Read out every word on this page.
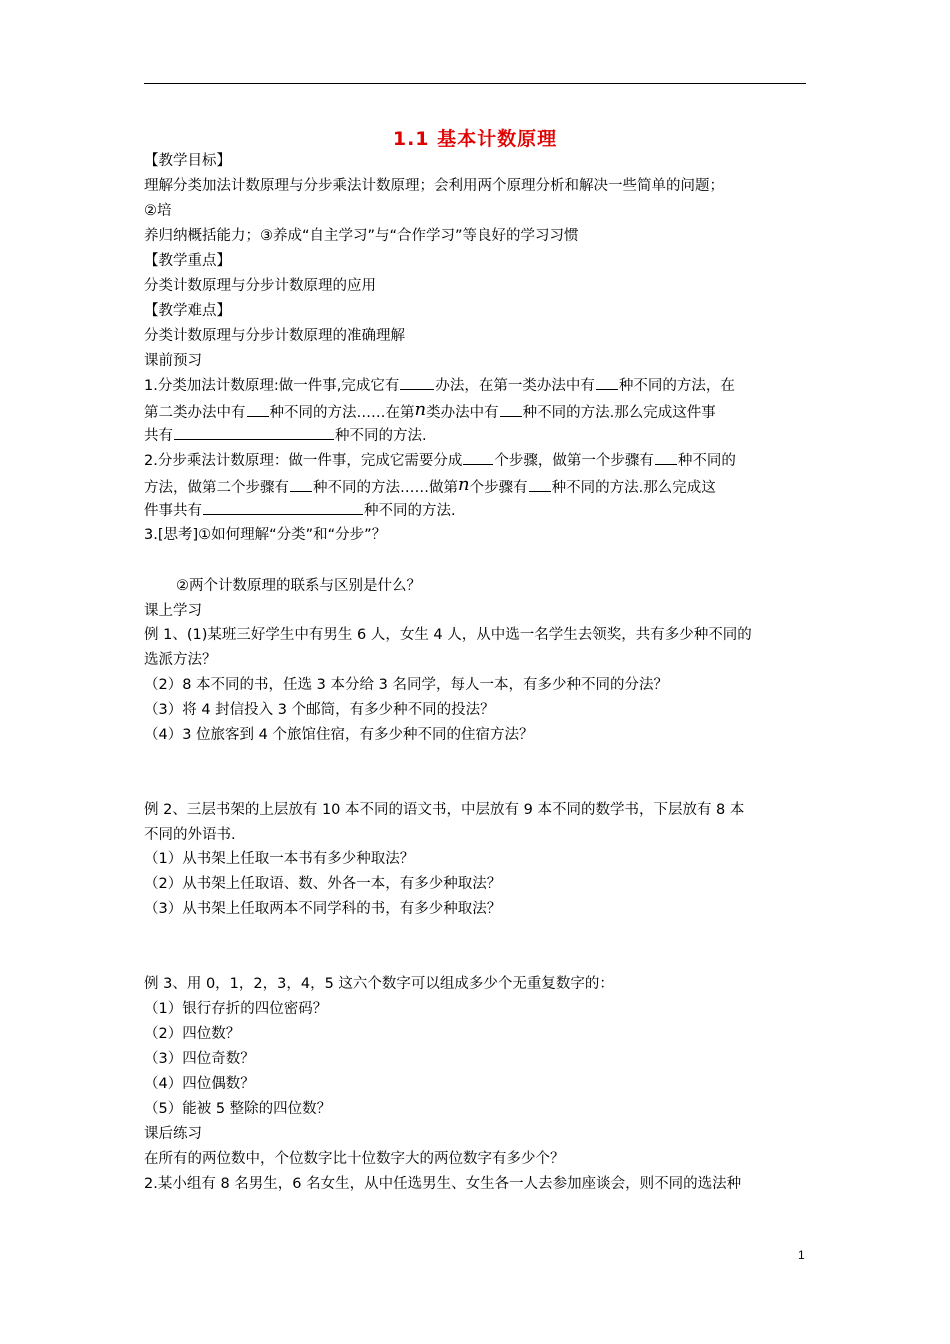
1.1 基本计数原理
【教学目标】
理解分类加法计数原理与分步乘法计数原理；会利用两个原理分析和解决一些简单的问题；
②培
养归纳概括能力；③养成“自主学习”与“合作学习”等良好的学习习惯
【教学重点】
分类计数原理与分步计数原理的应用
【教学难点】
分类计数原理与分步计数原理的准确理解
课前预习
1.分类加法计数原理:做一件事,完成它有 办法，在第一类办法中有 种不同的方法，在
第二类办法中有 种不同的方法……在第n类办法中有 种不同的方法.那么完成这件事
共有	种不同的方法.
2.分步乘法计数原理：做一件事，完成它需要分成 个步骤，做第一个步骤有 种不同的
方法，做第二个步骤有 种不同的方法……做第n个步骤有 种不同的方法.那么完成这
件事共有	种不同的方法.
3.[思考]①如何理解“分类”和“分步”？
②两个计数原理的联系与区别是什么？
课上学习
例 1、(1)某班三好学生中有男生 6 人，女生 4 人，从中选一名学生去领奖，共有多少种不同的
选派方法？
（2）8 本不同的书，任选 3 本分给 3 名同学，每人一本，有多少种不同的分法？
（3）将 4 封信投入 3 个邮筒，有多少种不同的投法？
（4）3 位旅客到 4 个旅馆住宿，有多少种不同的住宿方法？
例 2、三层书架的上层放有 10 本不同的语文书，中层放有 9 本不同的数学书，下层放有 8 本
不同的外语书.
（1）从书架上任取一本书有多少种取法？
（2）从书架上任取语、数、外各一本，有多少种取法？
（3）从书架上任取两本不同学科的书，有多少种取法？
例 3、用 0，1，2，3，4，5 这六个数字可以组成多少个无重复数字的：
（1）银行存折的四位密码？
（2）四位数？
（3）四位奇数？
（4）四位偶数？
（5）能被 5 整除的四位数？
课后练习
在所有的两位数中，个位数字比十位数字大的两位数字有多少个？
2.某小组有 8 名男生，6 名女生，从中任选男生、女生各一人去参加座谈会，则不同的选法种
1
